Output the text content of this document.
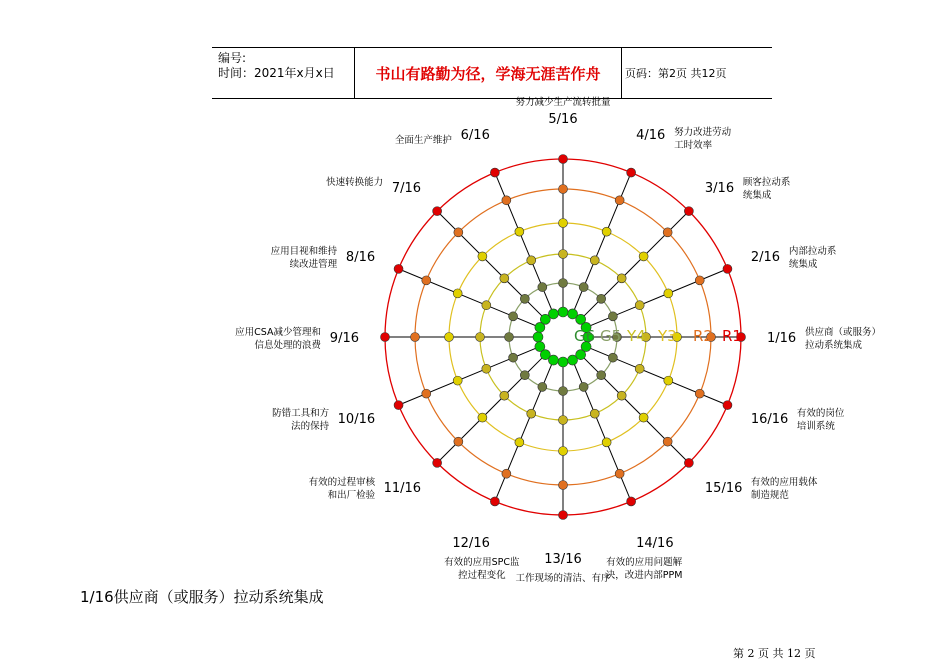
编号:
时间：2021年x月x日	书山有路勤为径，学海无涯苦作舟	页码：第2页 共12页
G6 G5 Y4 Y3 R2 R1 1/16 供应商（或服务）
拉动系统集成
2/16 内部拉动系
统集成
3/16 顾客拉动系
统集成
4/16 努力改进劳动
工时效率
5/16
努力减少生产流转批量
6/16
全面生产维护
7/16
快速转换能力
8/16
应用目视和维持
续改进管理
9/16
应用CSA减少管理和
信息处理的浪费
10/16
防错工具和方
法的保持
11/16
有效的过程审核
和出厂检验
12/16
有效的应用SPC监
控过程变化
13/16
工作现场的清洁、有序
14/16
有效的应用问题解
决，改进内部PPM
15/16 有效的应用载体
制造规范
16/16 有效的岗位
培训系统
1/16供应商（或服务）拉动系统集成
第 2 页 共 12 页
